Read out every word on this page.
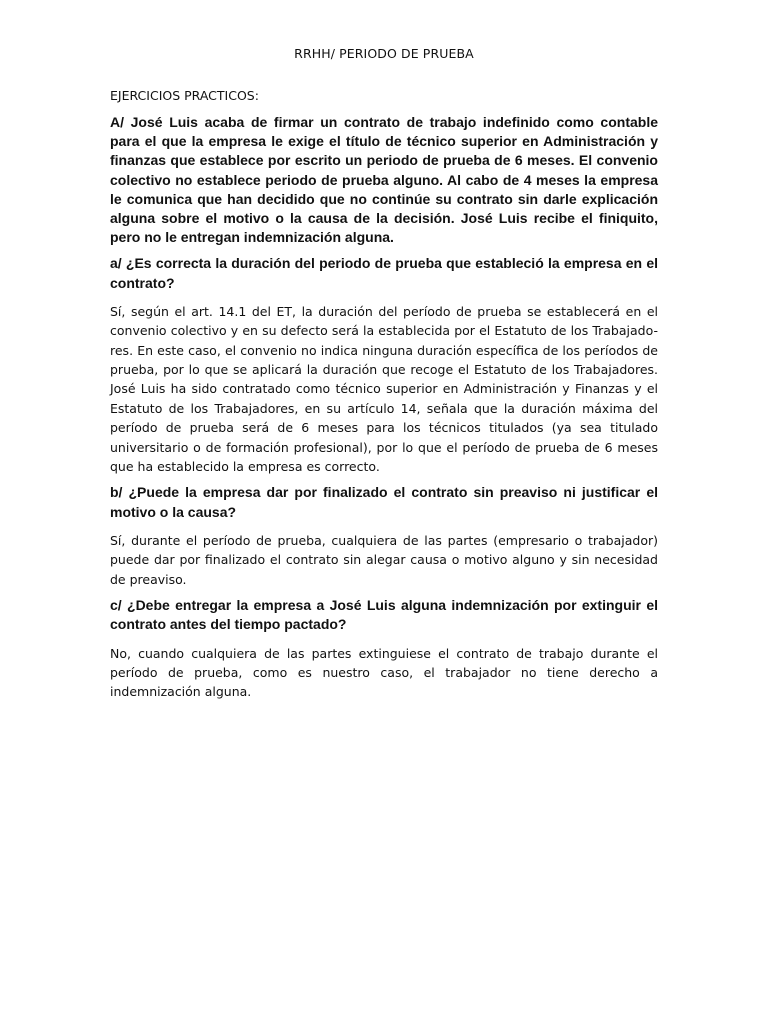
RRHH/ PERIODO DE PRUEBA
EJERCICIOS PRACTICOS:

A/ José Luis acaba de firmar un contrato de trabajo indefinido como contable para el que la empresa le exige el título de técnico superior en Administración y finanzas que establece por escrito un periodo de prueba de 6 meses. El convenio colectivo no establece periodo de prueba alguno. Al cabo de 4 meses la empresa le comunica que han decidido que no continúe su contrato sin darle explicación alguna sobre el motivo o la causa de la decisión. José Luis recibe el finiquito, pero no le entregan indemnización alguna.

a/ ¿Es correcta la duración del periodo de prueba que estableció la empresa en el contrato?

Sí, según el art. 14.1 del ET, la duración del período de prueba se establecerá en el convenio colectivo y en su defecto será la establecida por el Estatuto de los Trabajado-res. En este caso, el convenio no indica ninguna duración específica de los períodos de prueba, por lo que se aplicará la duración que recoge el Estatuto de los Trabajadores. José Luis ha sido contratado como técnico superior en Administración y Finanzas y el Estatuto de los Trabajadores, en su artículo 14, señala que la duración máxima del período de prueba será de 6 meses para los técnicos titulados (ya sea titulado universitario o de formación profesional), por lo que el período de prueba de 6 meses que ha establecido la empresa es correcto.

b/ ¿Puede la empresa dar por finalizado el contrato sin preaviso ni justificar el motivo o la causa?

Sí, durante el período de prueba, cualquiera de las partes (empresario o trabajador) puede dar por finalizado el contrato sin alegar causa o motivo alguno y sin necesidad de preaviso.

c/ ¿Debe entregar la empresa a José Luis alguna indemnización por extinguir el contrato antes del tiempo pactado?

No, cuando cualquiera de las partes extinguiese el contrato de trabajo durante el período de prueba, como es nuestro caso, el trabajador no tiene derecho a indemnización alguna.
